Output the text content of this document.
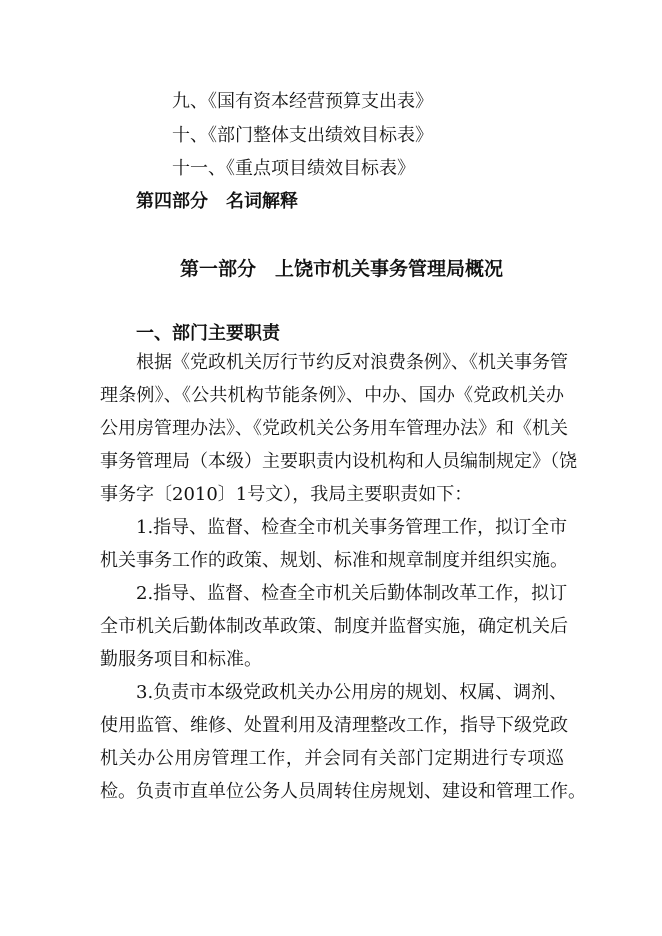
九、《国有资本经营预算支出表》
十、《部门整体支出绩效目标表》
十一、《重点项目绩效目标表》
第四部分　名词解释
第一部分　上饶市机关事务管理局概况
一、部门主要职责
根据《党政机关厉行节约反对浪费条例》、《机关事务管
理条例》、《公共机构节能条例》、中办、国办《党政机关办
公用房管理办法》、《党政机关公务用车管理办法》和《机关
事务管理局（本级）主要职责内设机构和人员编制规定》（饶
事务字〔2010〕1号文），我局主要职责如下：
1.指导、监督、检查全市机关事务管理工作，拟订全市
机关事务工作的政策、规划、标准和规章制度并组织实施。
2.指导、监督、检查全市机关后勤体制改革工作，拟订
全市机关后勤体制改革政策、制度并监督实施，确定机关后
勤服务项目和标准。
3.负责市本级党政机关办公用房的规划、权属、调剂、
使用监管、维修、处置利用及清理整改工作，指导下级党政
机关办公用房管理工作，并会同有关部门定期进行专项巡
检。负责市直单位公务人员周转住房规划、建设和管理工作。
